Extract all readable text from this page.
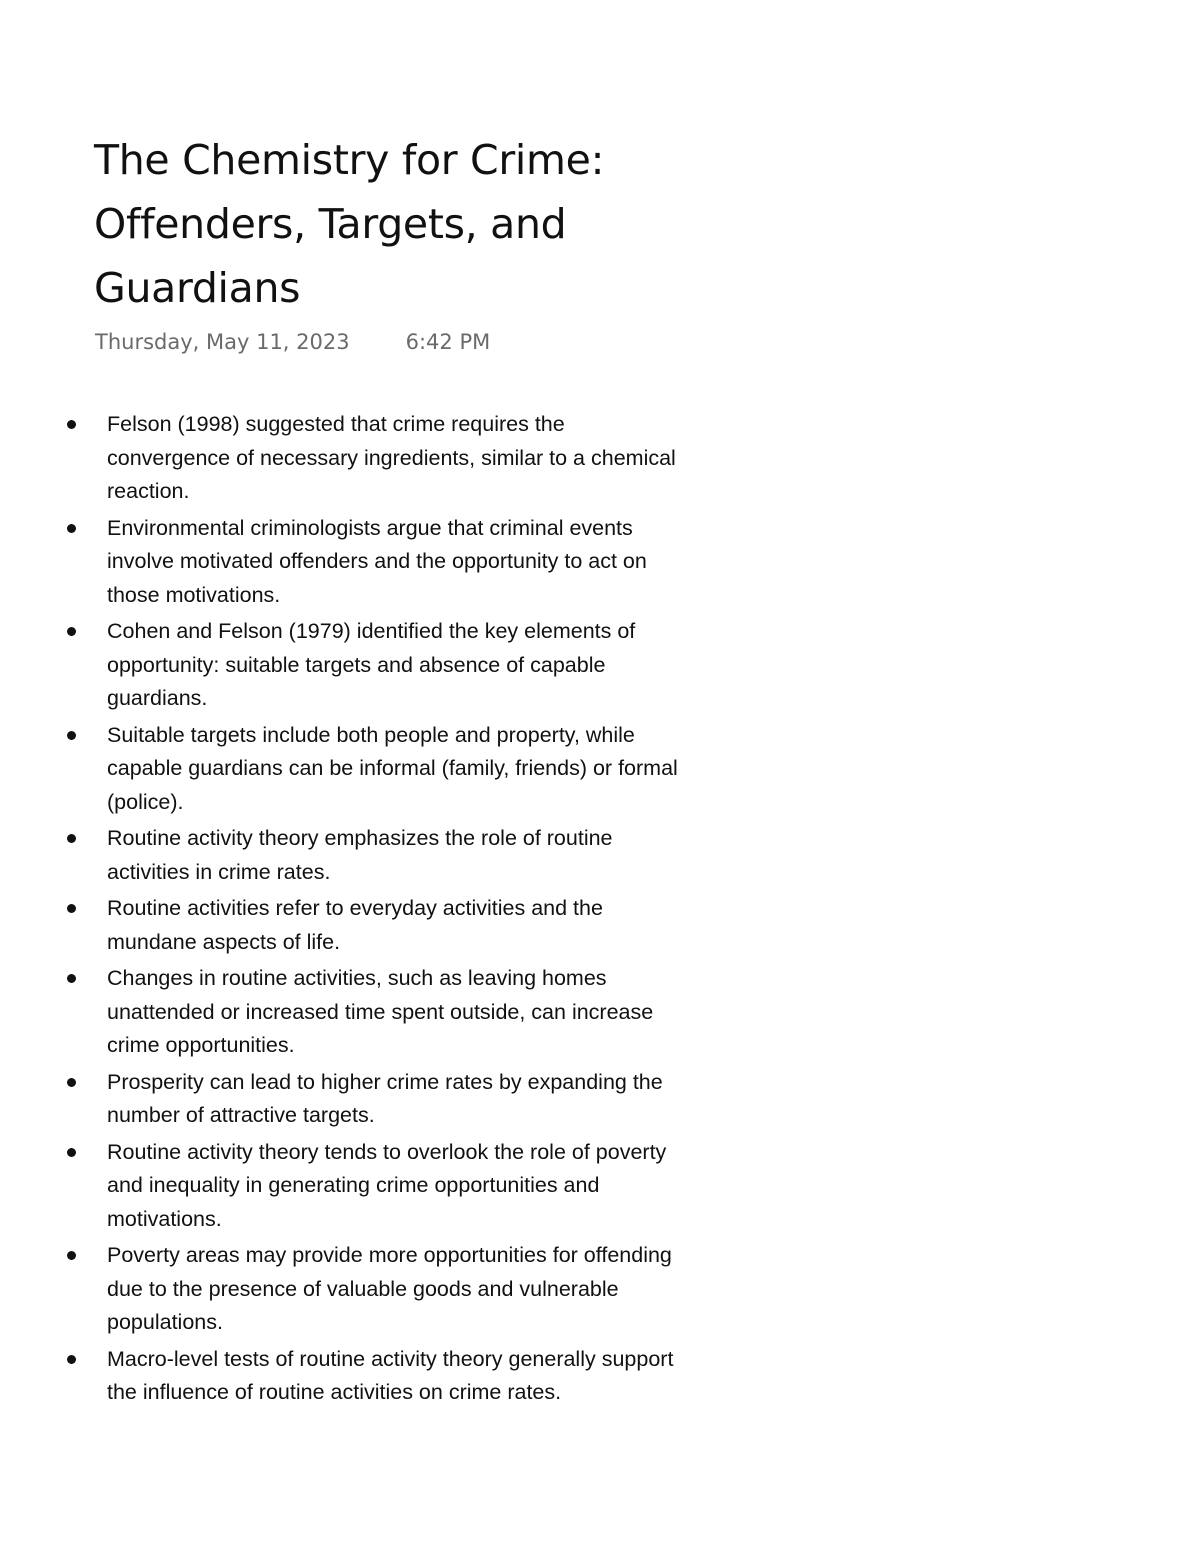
The Chemistry for Crime: Offenders, Targets, and Guardians
Thursday, May 11, 2023	6:42 PM
Felson (1998) suggested that crime requires the convergence of necessary ingredients, similar to a chemical reaction.
Environmental criminologists argue that criminal events involve motivated offenders and the opportunity to act on those motivations.
Cohen and Felson (1979) identified the key elements of opportunity: suitable targets and absence of capable guardians.
Suitable targets include both people and property, while capable guardians can be informal (family, friends) or formal (police).
Routine activity theory emphasizes the role of routine activities in crime rates.
Routine activities refer to everyday activities and the mundane aspects of life.
Changes in routine activities, such as leaving homes unattended or increased time spent outside, can increase crime opportunities.
Prosperity can lead to higher crime rates by expanding the number of attractive targets.
Routine activity theory tends to overlook the role of poverty and inequality in generating crime opportunities and motivations.
Poverty areas may provide more opportunities for offending due to the presence of valuable goods and vulnerable populations.
Macro-level tests of routine activity theory generally support the influence of routine activities on crime rates.
